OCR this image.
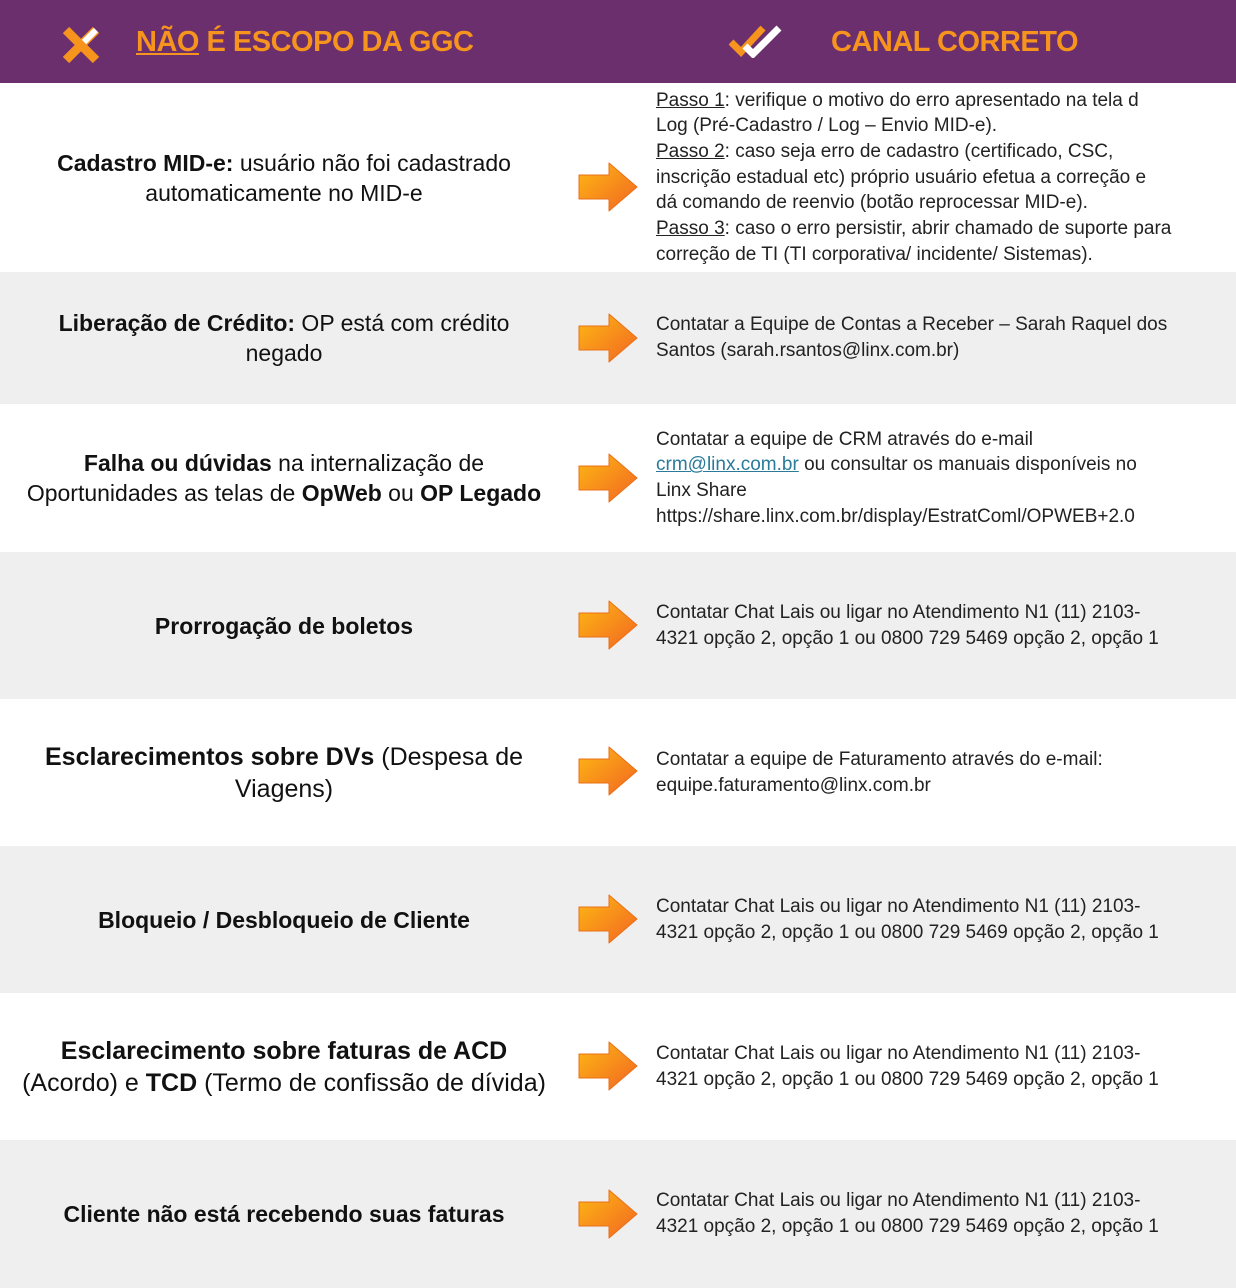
NÃO É ESCOPO DA GGC	CANAL CORRETO
Cadastro MID-e: usuário não foi cadastrado
automaticamente no MID-e
Passo 1: verifique o motivo do erro apresentado na tela d
Log (Pré-Cadastro / Log – Envio MID-e).
Passo 2: caso seja erro de cadastro (certificado, CSC,
inscrição estadual etc) próprio usuário efetua a correção e
dá comando de reenvio (botão reprocessar MID-e).
Passo 3: caso o erro persistir, abrir chamado de suporte para
correção de TI (TI corporativa/ incidente/ Sistemas).
Liberação de Crédito: OP está com crédito
negado
Contatar a Equipe de Contas a Receber – Sarah Raquel dos
Santos (sarah.rsantos@linx.com.br)
Falha ou dúvidas na internalização de
Oportunidades as telas de OpWeb ou OP Legado
Contatar a equipe de CRM através do e-mail
crm@linx.com.br ou consultar os manuais disponíveis no
Linx Share
https://share.linx.com.br/display/EstratComl/OPWEB+2.0
Prorrogação de boletos
Contatar Chat Lais ou ligar no Atendimento N1 (11) 2103-
4321 opção 2, opção 1 ou 0800 729 5469 opção 2, opção 1
Esclarecimentos sobre DVs (Despesa de
Viagens)
Contatar a equipe de Faturamento através do e-mail:
equipe.faturamento@linx.com.br
Bloqueio / Desbloqueio de Cliente
Contatar Chat Lais ou ligar no Atendimento N1 (11) 2103-
4321 opção 2, opção 1 ou 0800 729 5469 opção 2, opção 1
Esclarecimento sobre faturas de ACD
(Acordo) e TCD (Termo de confissão de dívida)
Contatar Chat Lais ou ligar no Atendimento N1 (11) 2103-
4321 opção 2, opção 1 ou 0800 729 5469 opção 2, opção 1
Cliente não está recebendo suas faturas
Contatar Chat Lais ou ligar no Atendimento N1 (11) 2103-
4321 opção 2, opção 1 ou 0800 729 5469 opção 2, opção 1
